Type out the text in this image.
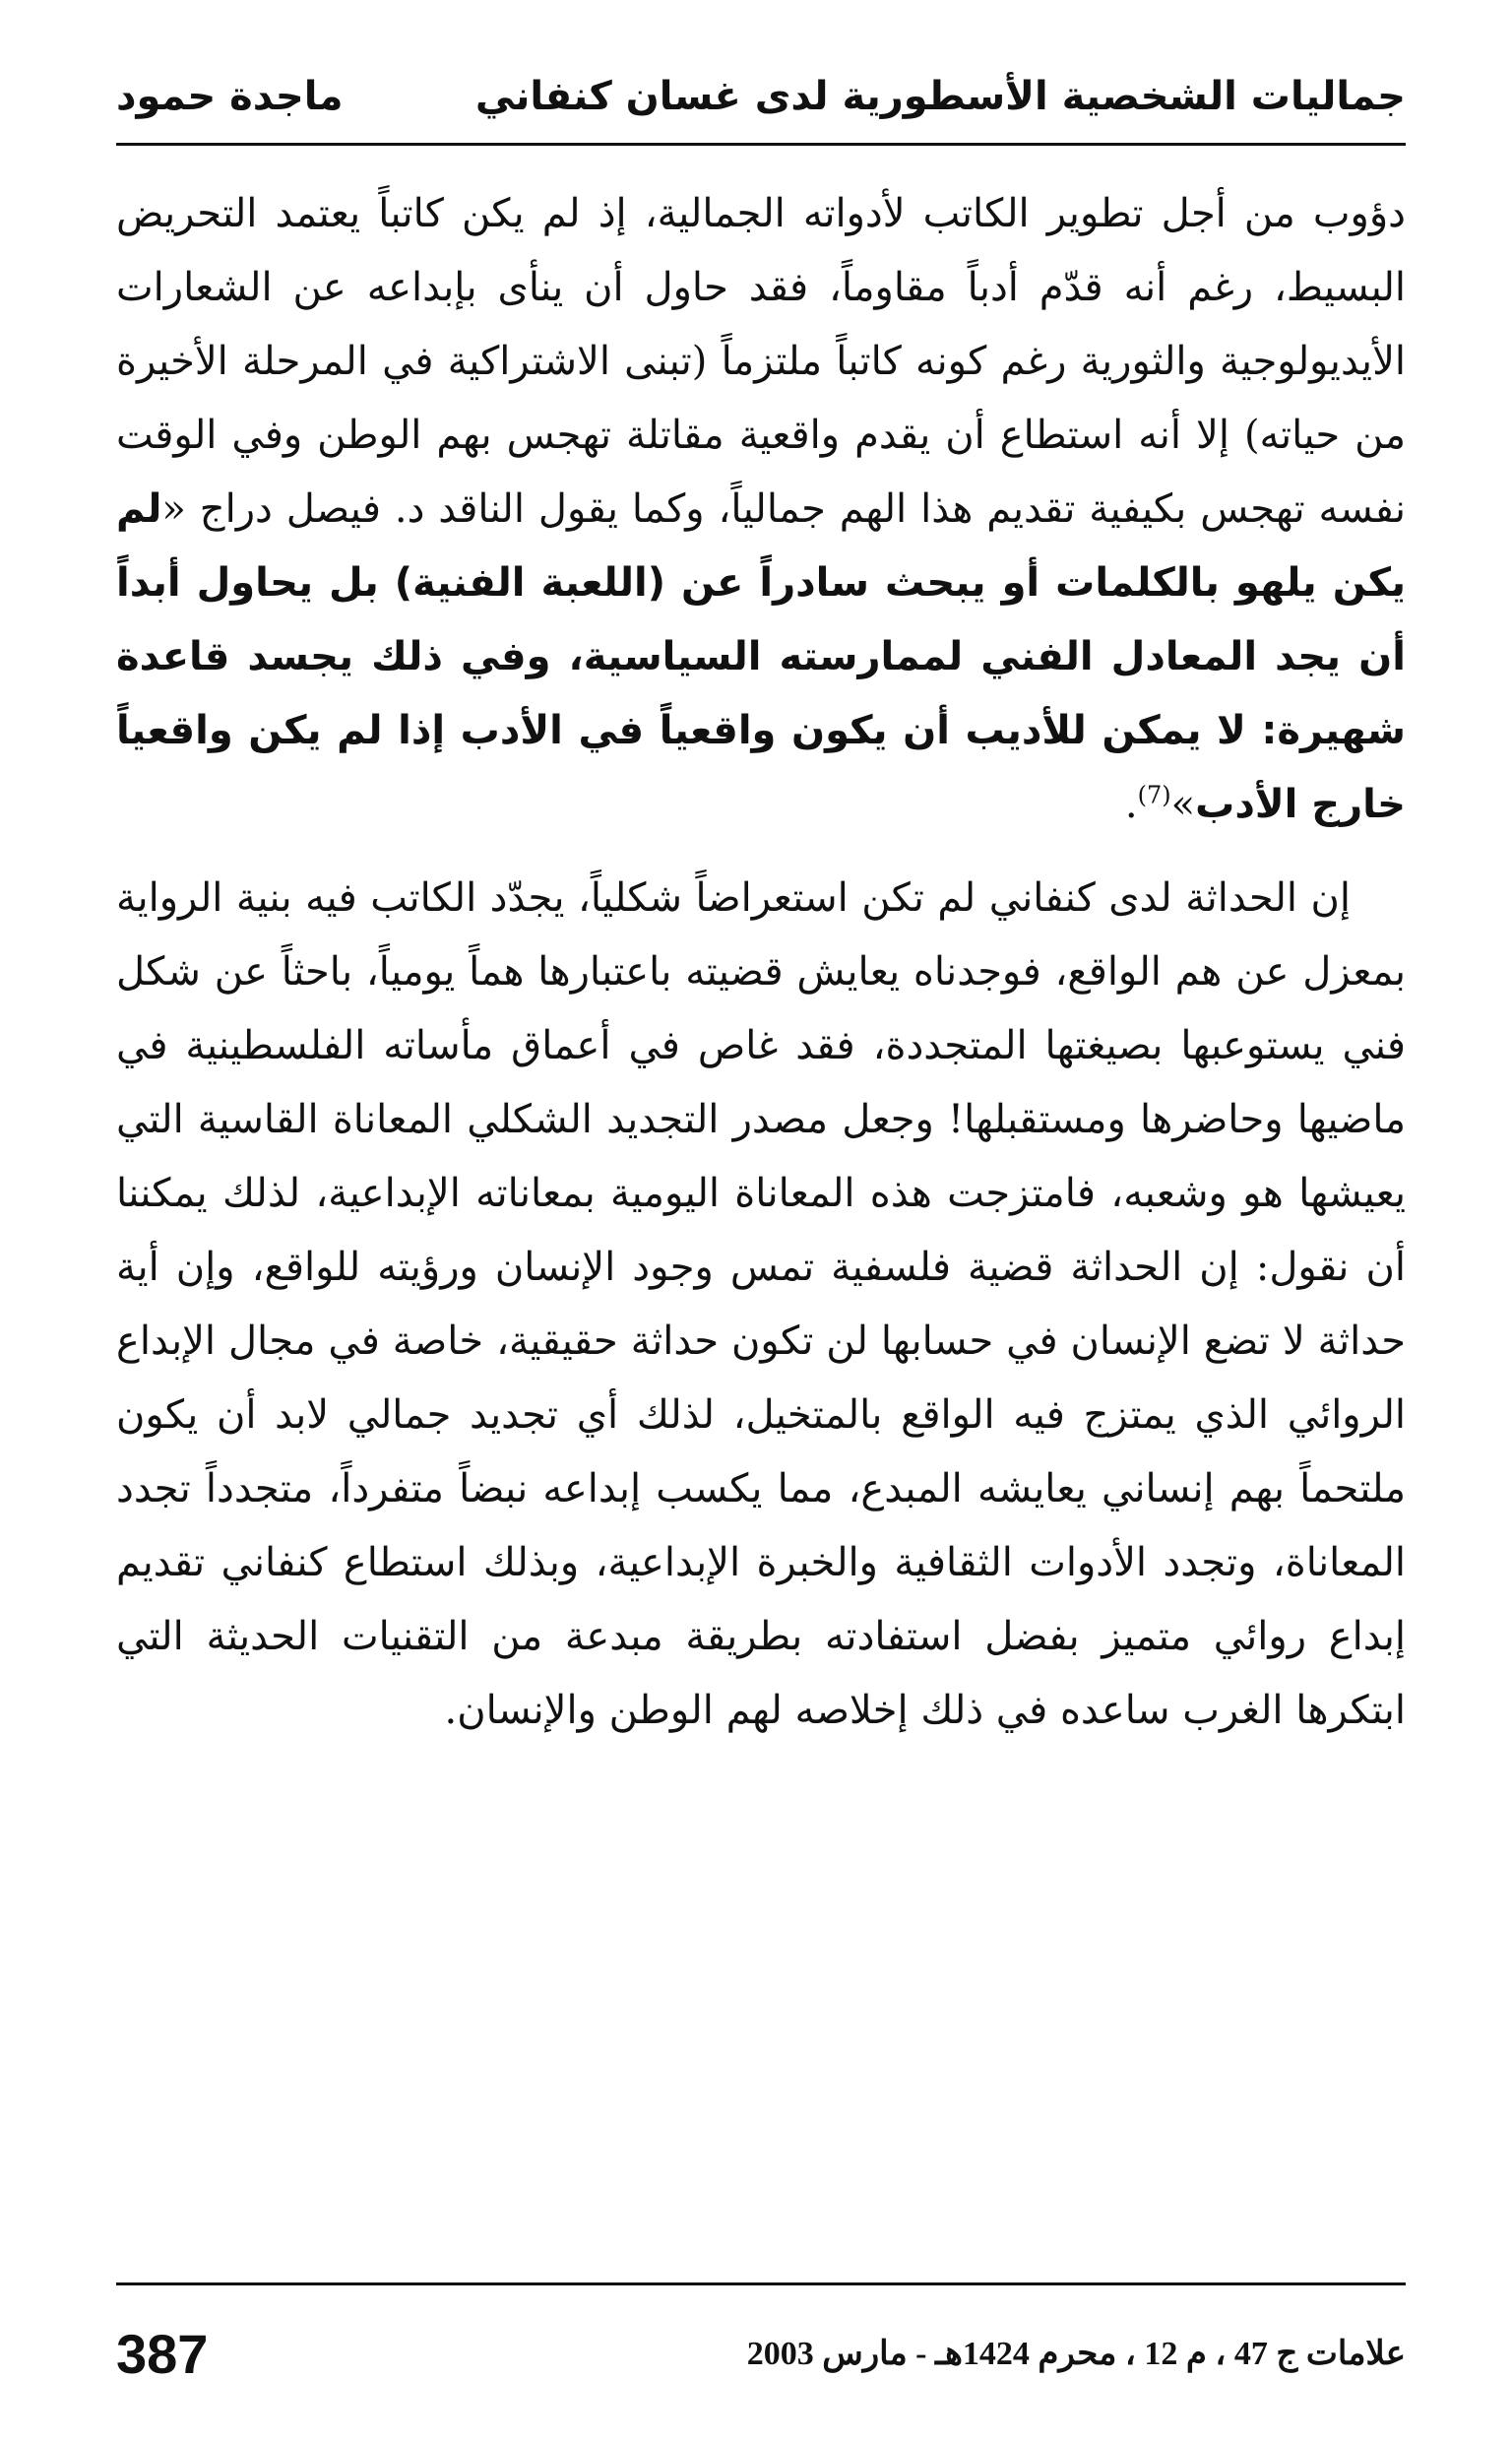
جماليات الشخصية الأسطورية لدى غسان كنفاني
ماجدة حمود

دؤوب من أجل تطوير الكاتب لأدواته الجمالية، إذ لم يكن كاتباً يعتمد التحريض البسيط، رغم أنه قدّم أدباً مقاوماً، فقد حاول أن ينأى بإبداعه عن الشعارات الأيديولوجية والثورية رغم كونه كاتباً ملتزماً (تبنى الاشتراكية في المرحلة الأخيرة من حياته) إلا أنه استطاع أن يقدم واقعية مقاتلة تهجس بهم الوطن وفي الوقت نفسه تهجس بكيفية تقديم هذا الهم جمالياً، وكما يقول الناقد د. فيصل دراج «لم يكن يلهو بالكلمات أو يبحث سادراً عن (اللعبة الفنية) بل يحاول أبداً أن يجد المعادل الفني لممارسته السياسية، وفي ذلك يجسد قاعدة شهيرة: لا يمكن للأديب أن يكون واقعياً في الأدب إذا لم يكن واقعياً خارج الأدب»$^{(7)}$.

إن الحداثة لدى كنفاني لم تكن استعراضاً شكلياً، يجدّد الكاتب فيه بنية الرواية بمعزل عن هم الواقع، فوجدناه يعايش قضيته باعتبارها هماً يومياً، باحثاً عن شكل فني يستوعبها بصيغتها المتجددة، فقد غاص في أعماق مأساته الفلسطينية في ماضيها وحاضرها ومستقبلها! وجعل مصدر التجديد الشكلي المعاناة القاسية التي يعيشها هو وشعبه، فامتزجت هذه المعاناة اليومية بمعاناته الإبداعية، لذلك يمكننا أن نقول: إن الحداثة قضية فلسفية تمس وجود الإنسان ورؤيته للواقع، وإن أية حداثة لا تضع الإنسان في حسابها لن تكون حداثة حقيقية، خاصة في مجال الإبداع الروائي الذي يمتزج فيه الواقع بالمتخيل، لذلك أي تجديد جمالي لابد أن يكون ملتحماً بهم إنساني يعايشه المبدع، مما يكسب إبداعه نبضاً متفرداً، متجدداً تجدد المعاناة، وتجدد الأدوات الثقافية والخبرة الإبداعية، وبذلك استطاع كنفاني تقديم إبداع روائي متميز بفضل استفادته بطريقة مبدعة من التقنيات الحديثة التي ابتكرها الغرب ساعده في ذلك إخلاصه لهم الوطن والإنسان.

علامات ج 47 ، م 12 ، محرم 1424هـ - مارس 2003
387
